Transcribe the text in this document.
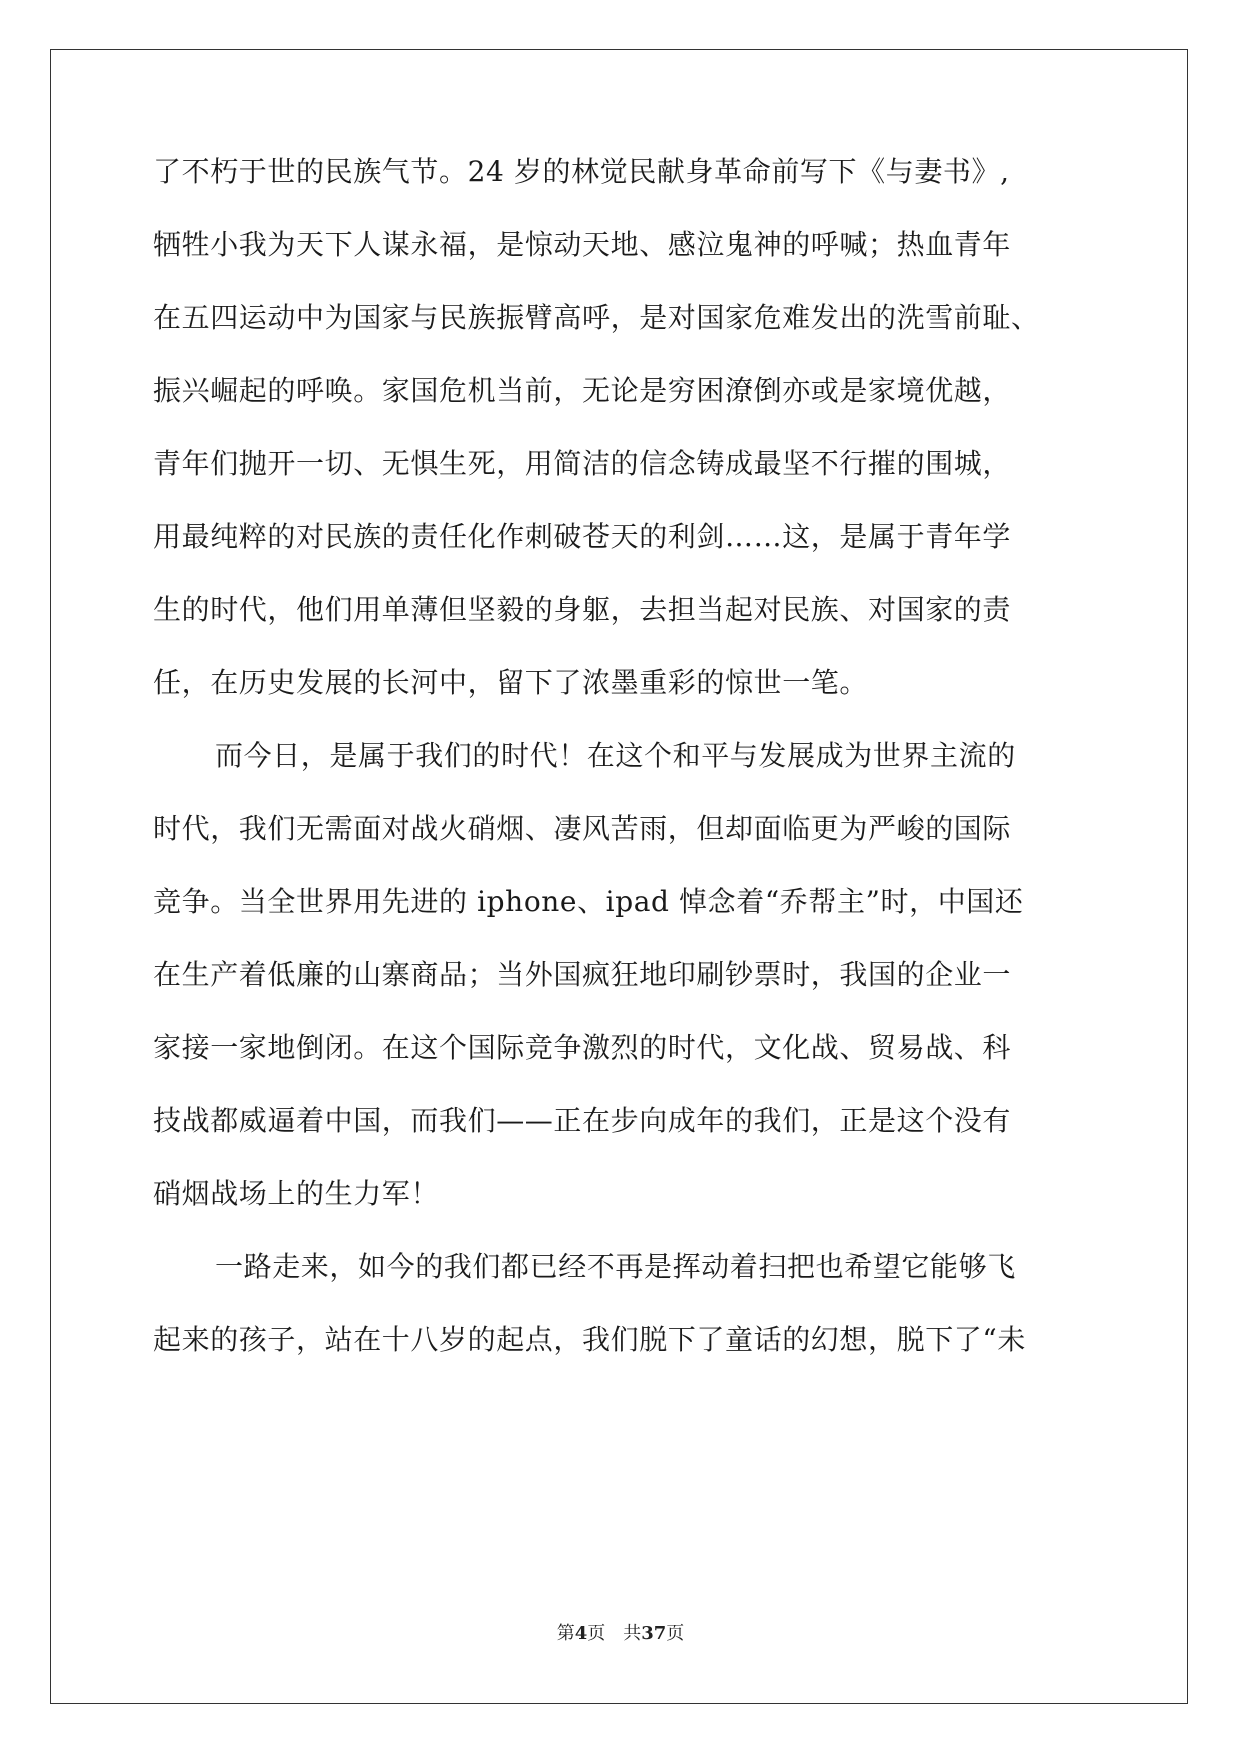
了不朽于世的民族气节。24 岁的林觉民献身革命前写下《与妻书》,
牺牲小我为天下人谋永福，是惊动天地、感泣鬼神的呼喊；热血青年
在五四运动中为国家与民族振臂高呼，是对国家危难发出的洗雪前耻、
振兴崛起的呼唤。家国危机当前，无论是穷困潦倒亦或是家境优越，
青年们抛开一切、无惧生死，用简洁的信念铸成最坚不行摧的围城，
用最纯粹的对民族的责任化作刺破苍天的利剑……这，是属于青年学
生的时代，他们用单薄但坚毅的身躯，去担当起对民族、对国家的责
任，在历史发展的长河中，留下了浓墨重彩的惊世一笔。
而今日，是属于我们的时代！在这个和平与发展成为世界主流的
时代，我们无需面对战火硝烟、凄风苦雨，但却面临更为严峻的国际
竞争。当全世界用先进的 iphone、ipad 悼念着“乔帮主”时，中国还
在生产着低廉的山寨商品；当外国疯狂地印刷钞票时，我国的企业一
家接一家地倒闭。在这个国际竞争激烈的时代，文化战、贸易战、科
技战都威逼着中国，而我们——正在步向成年的我们，正是这个没有
硝烟战场上的生力军！
一路走来，如今的我们都已经不再是挥动着扫把也希望它能够飞
起来的孩子，站在十八岁的起点，我们脱下了童话的幻想，脱下了“未
第4页 共37页
